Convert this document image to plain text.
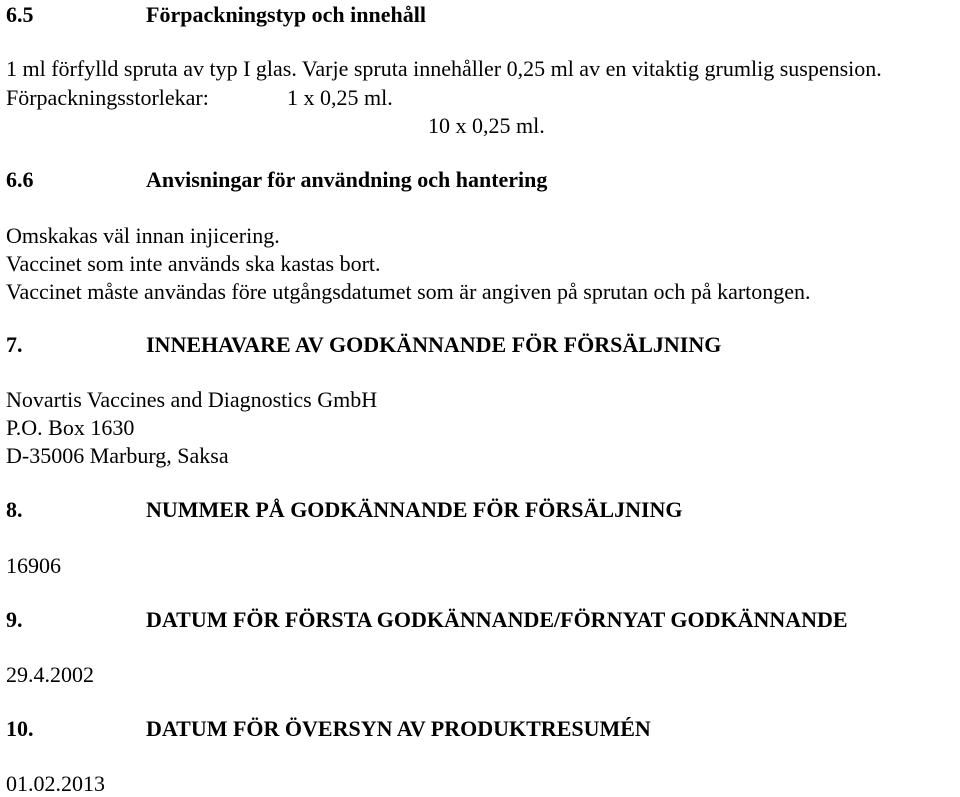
6.5	Förpackningstyp och innehåll
1 ml förfylld spruta av typ I glas. Varje spruta innehåller 0,25 ml av en vitaktig grumlig suspension.
Förpackningsstorlekar:	1 x 0,25 ml.
10 x 0,25 ml.
6.6	Anvisningar för användning och hantering
Omskakas väl innan injicering.
Vaccinet som inte används ska kastas bort.
Vaccinet måste användas före utgångsdatumet som är angiven på sprutan och på kartongen.
7.	INNEHAVARE AV GODKÄNNANDE FÖR FÖRSÄLJNING
Novartis Vaccines and Diagnostics GmbH
P.O. Box 1630
D-35006 Marburg, Saksa
8.	NUMMER PÅ GODKÄNNANDE FÖR FÖRSÄLJNING
16906
9.	DATUM FÖR FÖRSTA GODKÄNNANDE/FÖRNYAT GODKÄNNANDE
29.4.2002
10.	DATUM FÖR ÖVERSYN AV PRODUKTRESUMÉN
01.02.2013
